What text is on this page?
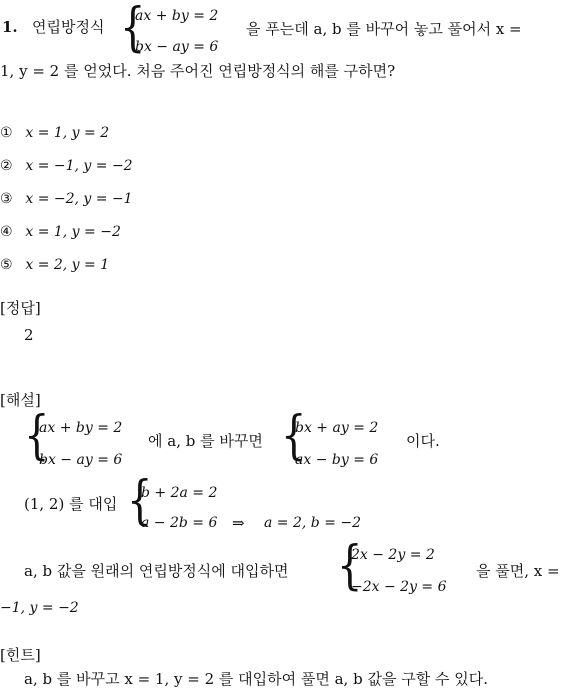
1. 연립방정식 {
ax + by = 2
bx − ay = 6
을 푸는데 a, b 를 바꾸어 놓고 풀어서 x =
1, y = 2 를 얻었다. 처음 주어진 연립방정식의 해를 구하면?
① x = 1, y = 2
② x = −1, y = −2
③ x = −2, y = −1
④ x = 1, y = −2
⑤ x = 2, y = 1
[정답]
2
[해설]
{
ax + by = 2
bx − ay = 6
에 a, b 를 바꾸면 {
bx + ay = 2
ax − by = 6
이다.
(1, 2) 를 대입 {
b + 2a = 2
a − 2b = 6 ⇒ a = 2, b = −2
a, b 값을 원래의 연립방정식에 대입하면 {
2x − 2y = 2
−2x − 2y = 6
을 풀면, x =
−1, y = −2
[힌트]
a, b 를 바꾸고 x = 1, y = 2 를 대입하여 풀면 a, b 값을 구할 수 있다.
